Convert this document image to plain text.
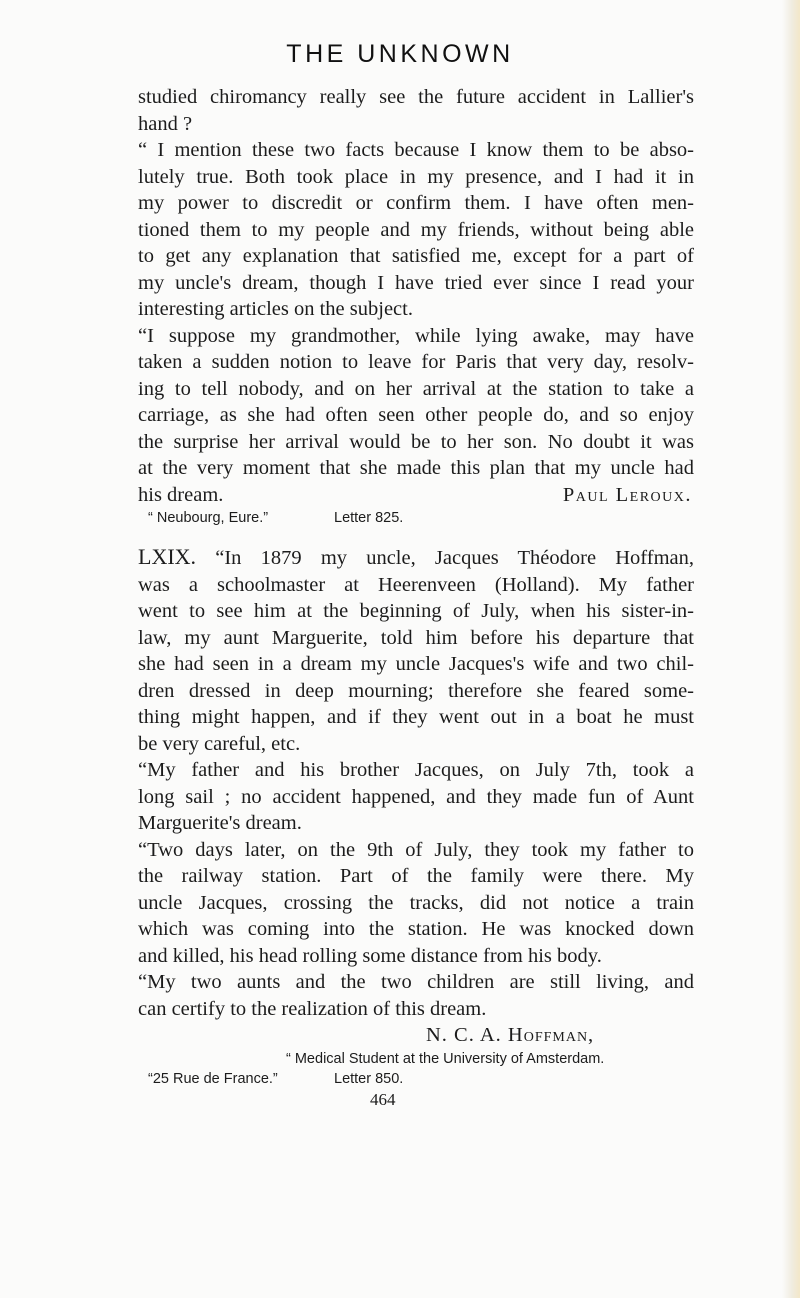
THE UNKNOWN
studied chiromancy really see the future accident in Lallier's
hand ?
“ I mention these two facts because I know them to be abso-
lutely true. Both took place in my presence, and I had it in
my power to discredit or confirm them. I have often men-
tioned them to my people and my friends, without being able
to get any explanation that satisfied me, except for a part of
my uncle's dream, though I have tried ever since I read your
interesting articles on the subject.
“I suppose my grandmother, while lying awake, may have
taken a sudden notion to leave for Paris that very day, resolv-
ing to tell nobody, and on her arrival at the station to take a
carriage, as she had often seen other people do, and so enjoy
the surprise her arrival would be to her son. No doubt it was
at the very moment that she made this plan that my uncle had
his dream.	Paul Leroux.
“ Neubourg, Eure.”	Letter 825.
LXIX. “In 1879 my uncle, Jacques Théodore Hoffman,
was a schoolmaster at Heerenveen (Holland). My father
went to see him at the beginning of July, when his sister-in-
law, my aunt Marguerite, told him before his departure that
she had seen in a dream my uncle Jacques's wife and two chil-
dren dressed in deep mourning; therefore she feared some-
thing might happen, and if they went out in a boat he must
be very careful, etc.
“My father and his brother Jacques, on July 7th, took a
long sail ; no accident happened, and they made fun of Aunt
Marguerite's dream.
“Two days later, on the 9th of July, they took my father to
the railway station. Part of the family were there. My
uncle Jacques, crossing the tracks, did not notice a train
which was coming into the station. He was knocked down
and killed, his head rolling some distance from his body.
“My two aunts and the two children are still living, and
can certify to the realization of this dream.
N. C. A. Hoffman,
“ Medical Student at the University of Amsterdam.
“25 Rue de France.”	Letter 850.
464
